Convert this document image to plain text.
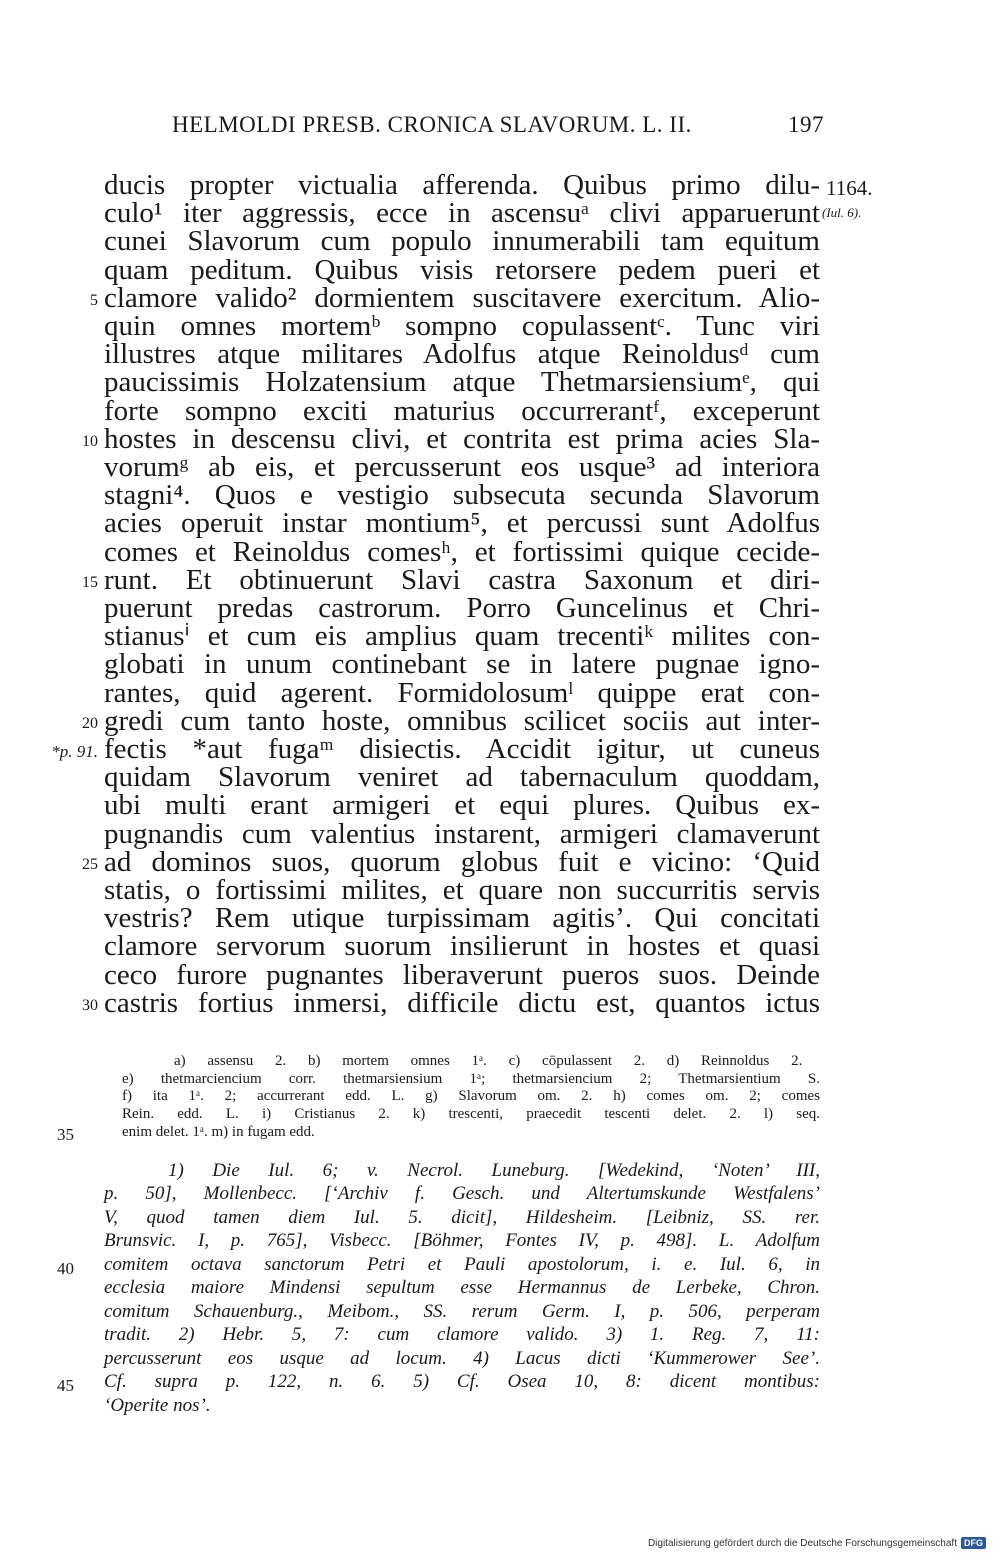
HELMOLDI PRESB. CRONICA SLAVORUM. L. II.	197
1164.
(Iul. 6).
ducis propter victualia afferenda. Quibus primo dilu-
culo¹ iter aggressis, ecce in ascensuᵃ clivi apparuerunt
cunei Slavorum cum populo innumerabili tam equitum
quam peditum. Quibus visis retorsere pedem pueri et
clamore valido² dormientem suscitavere exercitum. Alio-
quin omnes mortemᵇ sompno copulassentᶜ. Tunc viri
illustres atque militares Adolfus atque Reinoldusᵈ cum
paucissimis Holzatensium atque Thetmarsiensiumᵉ, qui
forte sompno exciti maturius occurrerantᶠ, exceperunt
hostes in descensu clivi, et contrita est prima acies Sla-
vorumᵍ ab eis, et percusserunt eos usque³ ad interiora
stagni⁴. Quos e vestigio subsecuta secunda Slavorum
acies operuit instar montium⁵, et percussi sunt Adolfus
comes et Reinoldus comesʰ, et fortissimi quique cecide-
runt. Et obtinuerunt Slavi castra Saxonum et diri-
puerunt predas castrorum. Porro Guncelinus et Chri-
stianusⁱ et cum eis amplius quam trecentiᵏ milites con-
globati in unum continebant se in latere pugnae igno-
rantes, quid agerent. Formidolosumˡ quippe erat con-
gredi cum tanto hoste, omnibus scilicet sociis aut inter-
fectis *aut fugaᵐ disiectis. Accidit igitur, ut cuneus
quidam Slavorum veniret ad tabernaculum quoddam,
ubi multi erant armigeri et equi plures. Quibus ex-
pugnandis cum valentius instarent, armigeri clamaverunt
ad dominos suos, quorum globus fuit e vicino: ‘Quid
statis, o fortissimi milites, et quare non succurritis servis
vestris? Rem utique turpissimam agitis’. Qui concitati
clamore servorum suorum insilierunt in hostes et quasi
ceco furore pugnantes liberaverunt pueros suos. Deinde
castris fortius inmersi, difficile dictu est, quantos ictus
5
10
15
20
25
30
*p. 91.
a) assensu 2. b) mortem omnes 1ᵃ. c) cōpulassent 2. d) Reinnoldus 2.
e) thetmarciencium corr. thetmarsiensium 1ᵃ; thetmarsiencium 2; Thetmarsientium S.
f) ita 1ᵃ. 2; accurrerant edd. L. g) Slavorum om. 2. h) comes om. 2; comes
Rein. edd. L. i) Cristianus 2. k) trescenti, praecedit tescenti delet. 2. l) seq.
enim delet. 1ᵃ. m) in fugam edd.
35
1) Die Iul. 6; v. Necrol. Luneburg. [Wedekind, ‘Noten’ III,
p. 50], Mollenbecc. [‘Archiv f. Gesch. und Altertumskunde Westfalens’
V, quod tamen diem Iul. 5. dicit], Hildesheim. [Leibniz, SS. rer.
Brunsvic. I, p. 765], Visbecc. [Böhmer, Fontes IV, p. 498]. L. Adolfum
comitem octava sanctorum Petri et Pauli apostolorum, i. e. Iul. 6, in
ecclesia maiore Mindensi sepultum esse Hermannus de Lerbeke, Chron.
comitum Schauenburg., Meibom., SS. rerum Germ. I, p. 506, perperam
tradit. 2) Hebr. 5, 7: cum clamore valido. 3) 1. Reg. 7, 11:
percusserunt eos usque ad locum. 4) Lacus dicti ‘Kummerower See’.
Cf. supra p. 122, n. 6. 5) Cf. Osea 10, 8: dicent montibus:
‘Operite nos’.
40
45
Digitalisierung gefördert durch die Deutsche Forschungsgemeinschaft DFG
